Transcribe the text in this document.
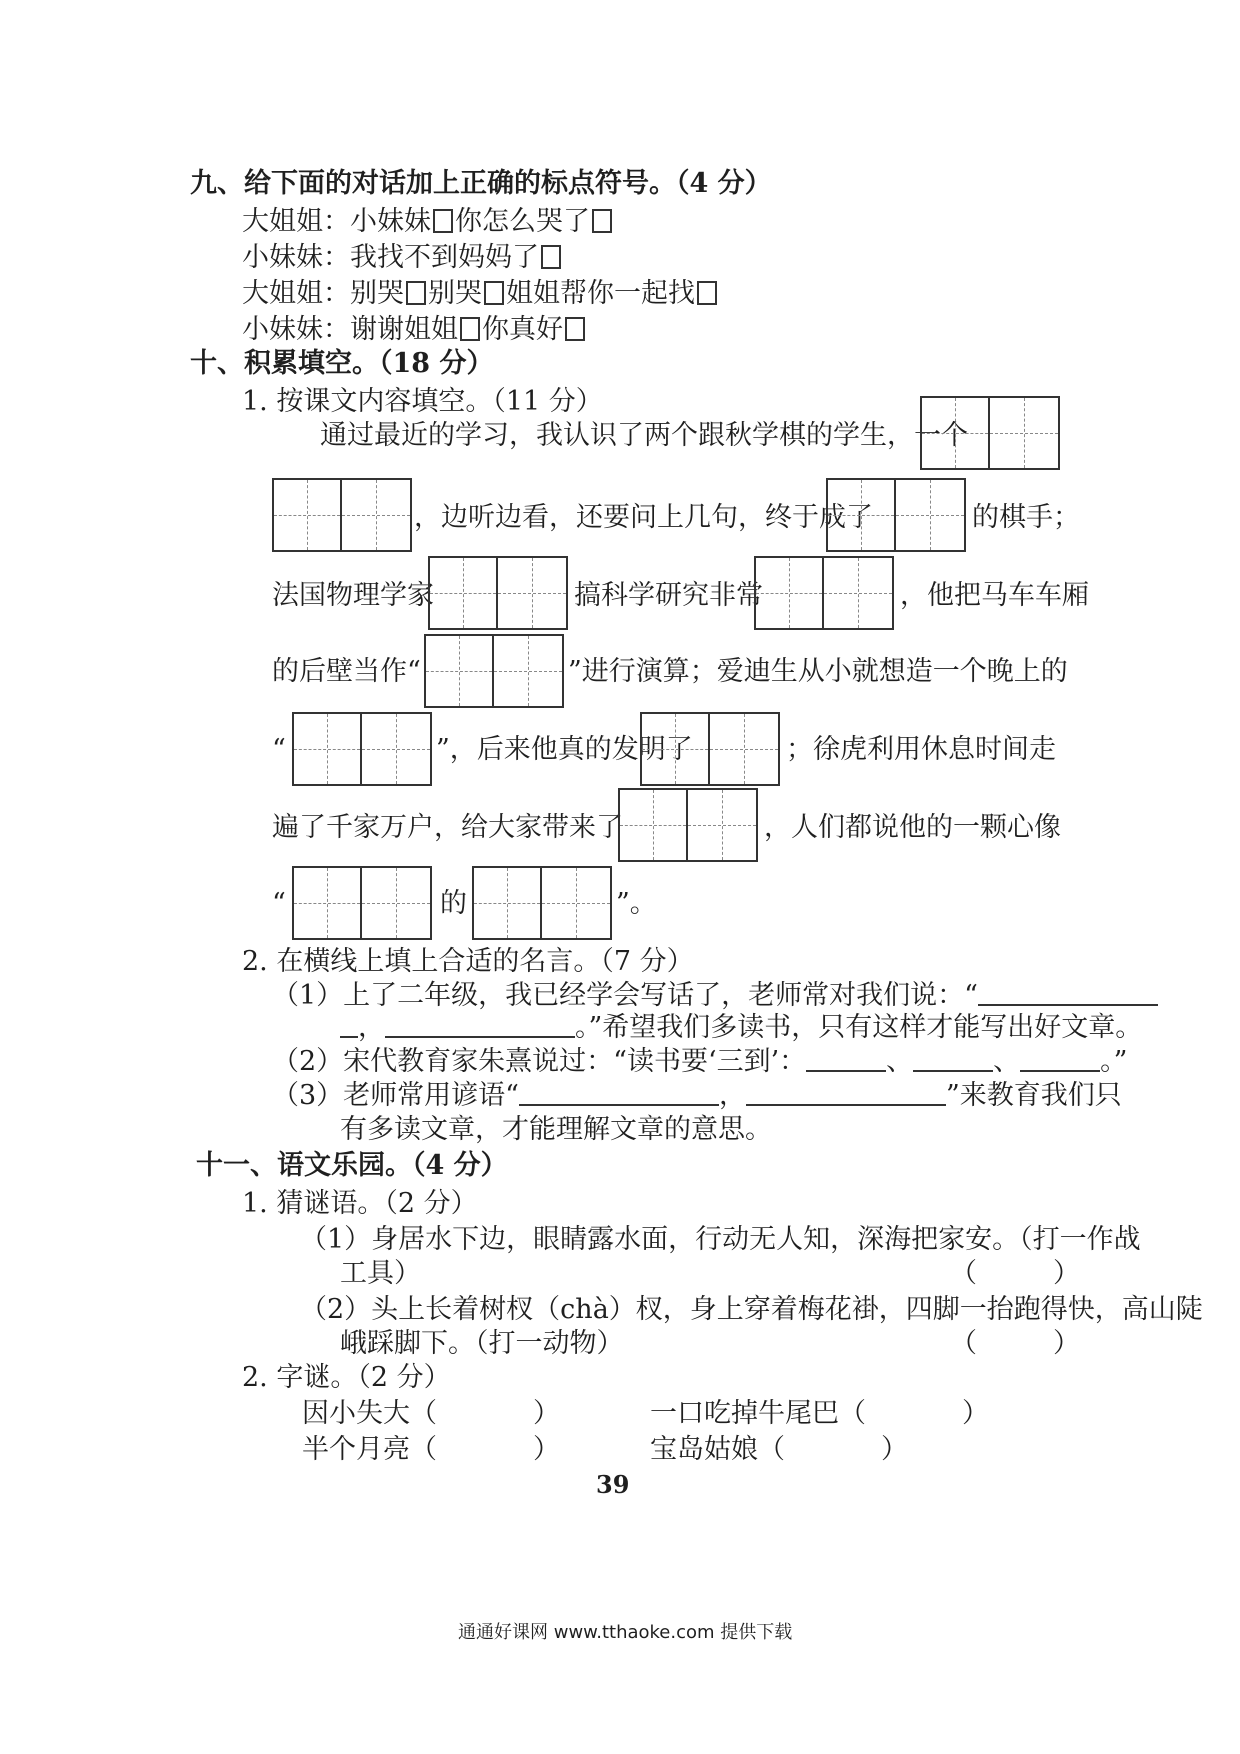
九、给下面的对话加上正确的标点符号。（4 分）
大姐姐：小妹妹 你怎么哭了
小妹妹：我找不到妈妈了
大姐姐：别哭 别哭 姐姐帮你一起找
小妹妹：谢谢姐姐 你真好
十、积累填空。（18 分）
1. 按课文内容填空。（11 分）
通过最近的学习，我认识了两个跟秋学棋的学生，一个
，边听边看，还要问上几句，终于成了	的棋手；
法国物理学家	搞科学研究非常	，他把马车车厢
的后壁当作“	”进行演算；爱迪生从小就想造一个晚上的
“	”，后来他真的发明了	；徐虎利用休息时间走
遍了千家万户，给大家带来了	，人们都说他的一颗心像
“	的	”。
2. 在横线上填上合适的名言。（7 分）
（1）上了二年级，我已经学会写话了，老师常对我们说：“
，	。”希望我们多读书，只有这样才能写出好文章。
（2）宋代教育家朱熹说过：“读书要‘三到’：	、	、	。”
（3）老师常用谚语“	，	”来教育我们只
有多读文章，才能理解文章的意思。
十一、语文乐园。（4 分）
1. 猜谜语。（2 分）
（1）身居水下边，眼睛露水面，行动无人知，深海把家安。（打一作战
工具）	（	）
（2）头上长着树杈（chà）杈，身上穿着梅花褂，四脚一抬跑得快，高山陡
峨踩脚下。（打一动物）	（	）
2. 字谜。（2 分）
因小失大（	）	一口吃掉牛尾巴（	）
半个月亮（	）	宝岛姑娘（	）
39
通通好课网 www.tthaoke.com 提供下载
